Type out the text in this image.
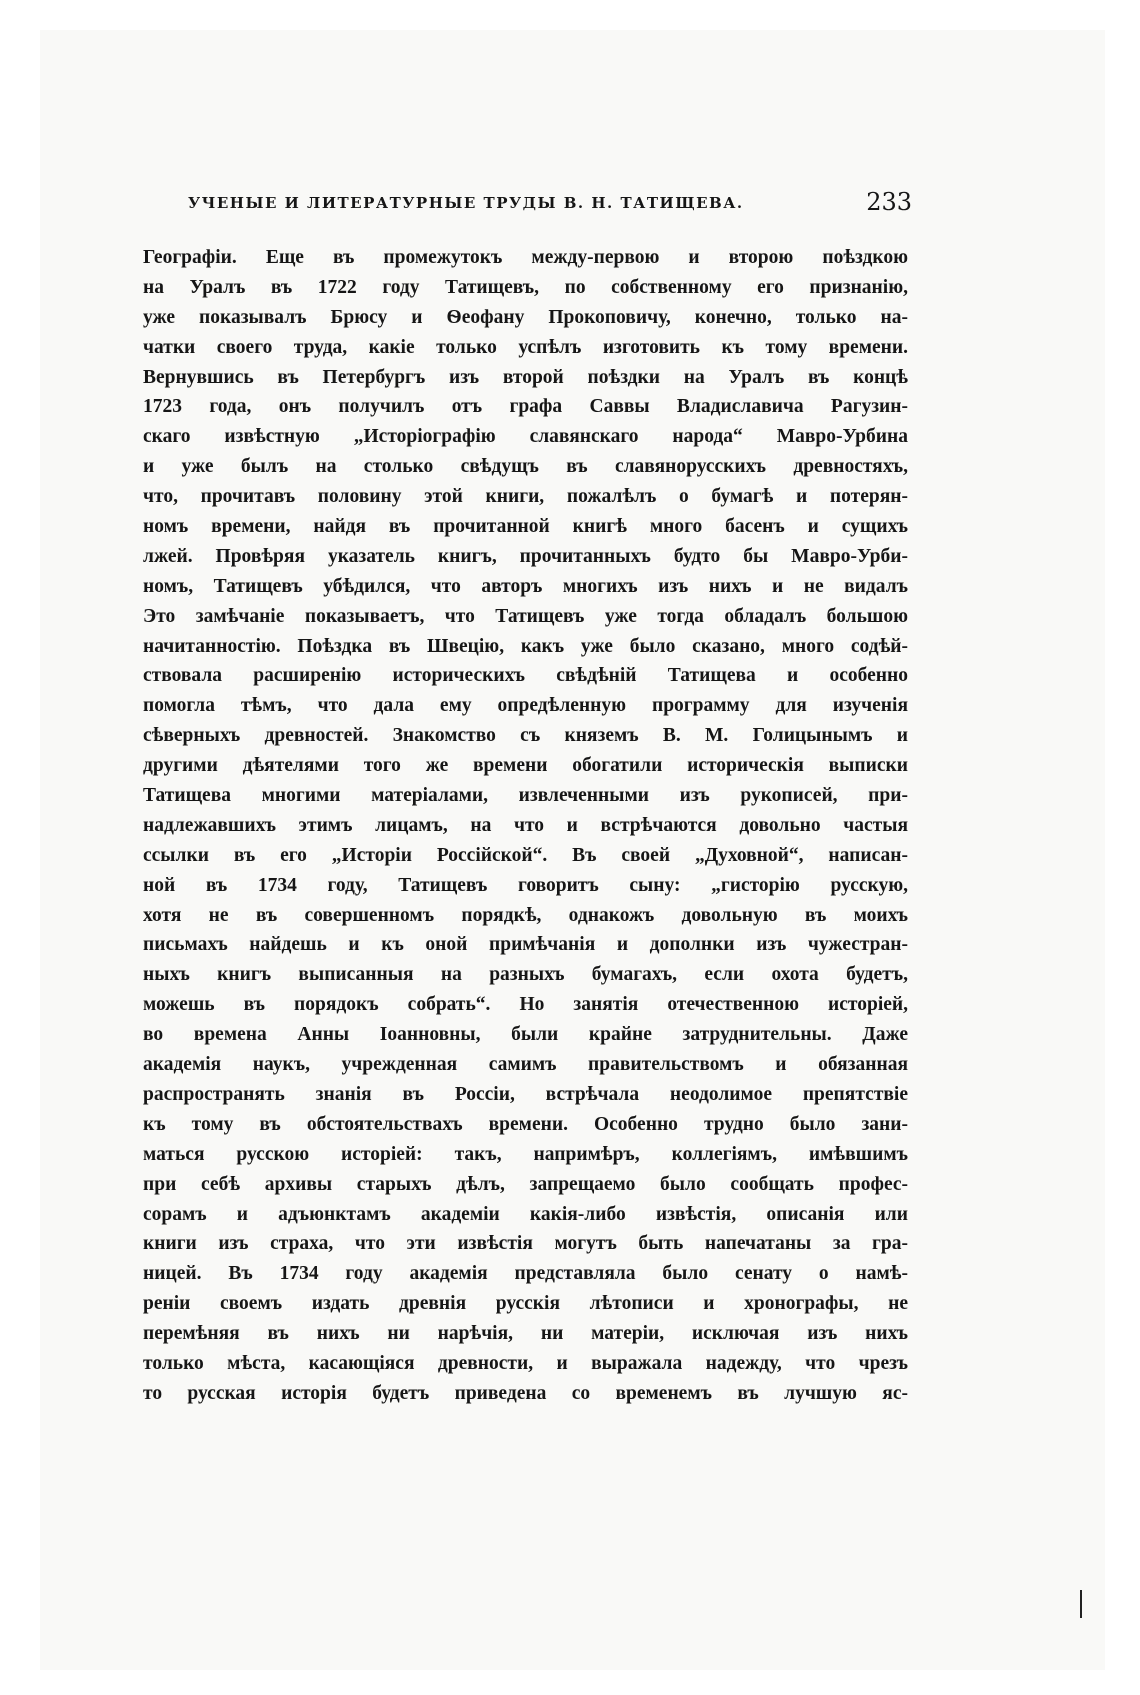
УЧЕНЫЕ И ЛИТЕРАТУРНЫЕ ТРУДЫ В. Н. ТАТИЩЕВА.	233
Географіи. Еще въ промежутокъ между-первою и второю поѣздкою
на Уралъ въ 1722 году Татищевъ, по собственному его признанію,
уже показывалъ Брюсу и Ѳеофану Прокоповичу, конечно, только на-
чатки своего труда, какіе только успѣлъ изготовить къ тому времени.
Вернувшись въ Петербургъ изъ второй поѣздки на Уралъ въ концѣ
1723 года, онъ получилъ отъ графа Саввы Владиславича Рагузин-
скаго извѣстную „Исторіографію славянскаго народа“ Мавро-Урбина
и уже былъ на столько свѣдущъ въ славянорусскихъ древностяхъ,
что, прочитавъ половину этой книги, пожалѣлъ о бумагѣ и потерян-
номъ времени, найдя въ прочитанной книгѣ много басенъ и сущихъ
лжей. Провѣряя указатель книгъ, прочитанныхъ будто бы Мавро-Урби-
номъ, Татищевъ убѣдился, что авторъ многихъ изъ нихъ и не видалъ
Это замѣчаніе показываетъ, что Татищевъ уже тогда обладалъ большою
начитанностію. Поѣздка въ Швецію, какъ уже было сказано, много содѣй-
ствовала расширенію историческихъ свѣдѣній Татищева и особенно
помогла тѣмъ, что дала ему опредѣленную программу для изученія
сѣверныхъ древностей. Знакомство съ княземъ В. М. Голицынымъ и
другими дѣятелями того же времени обогатили историческія выписки
Татищева многими матеріалами, извлеченными изъ рукописей, при-
надлежавшихъ этимъ лицамъ, на что и встрѣчаются довольно частыя
ссылки въ его „Исторіи Россійской“. Въ своей „Духовной“, написан-
ной въ 1734 году, Татищевъ говоритъ сыну: „гисторію русскую,
хотя не въ совершенномъ порядкѣ, однакожъ довольную въ моихъ
письмахъ найдешь и къ оной примѣчанія и дополнки изъ чужестран-
ныхъ книгъ выписанныя на разныхъ бумагахъ, если охота будетъ,
можешь въ порядокъ собрать“. Но занятія отечественною исторіей,
во времена Анны Іоанновны, были крайне затруднительны. Даже
академія наукъ, учрежденная самимъ правительствомъ и обязанная
распространять знанія въ Россіи, встрѣчала неодолимое препятствіе
къ тому въ обстоятельствахъ времени. Особенно трудно было зани-
маться русскою исторіей: такъ, напримѣръ, коллегіямъ, имѣвшимъ
при себѣ архивы старыхъ дѣлъ, запрещаемо было сообщать профес-
сорамъ и адъюнктамъ академіи какія-либо извѣстія, описанія или
книги изъ страха, что эти извѣстія могутъ быть напечатаны за гра-
ницей. Въ 1734 году академія представляла было сенату о намѣ-
реніи своемъ издать древнія русскія лѣтописи и хронографы, не
перемѣняя въ нихъ ни нарѣчія, ни матеріи, исключая изъ нихъ
только мѣста, касающіяся древности, и выражала надежду, что чрезъ
то русская исторія будетъ приведена со временемъ въ лучшую яс-
